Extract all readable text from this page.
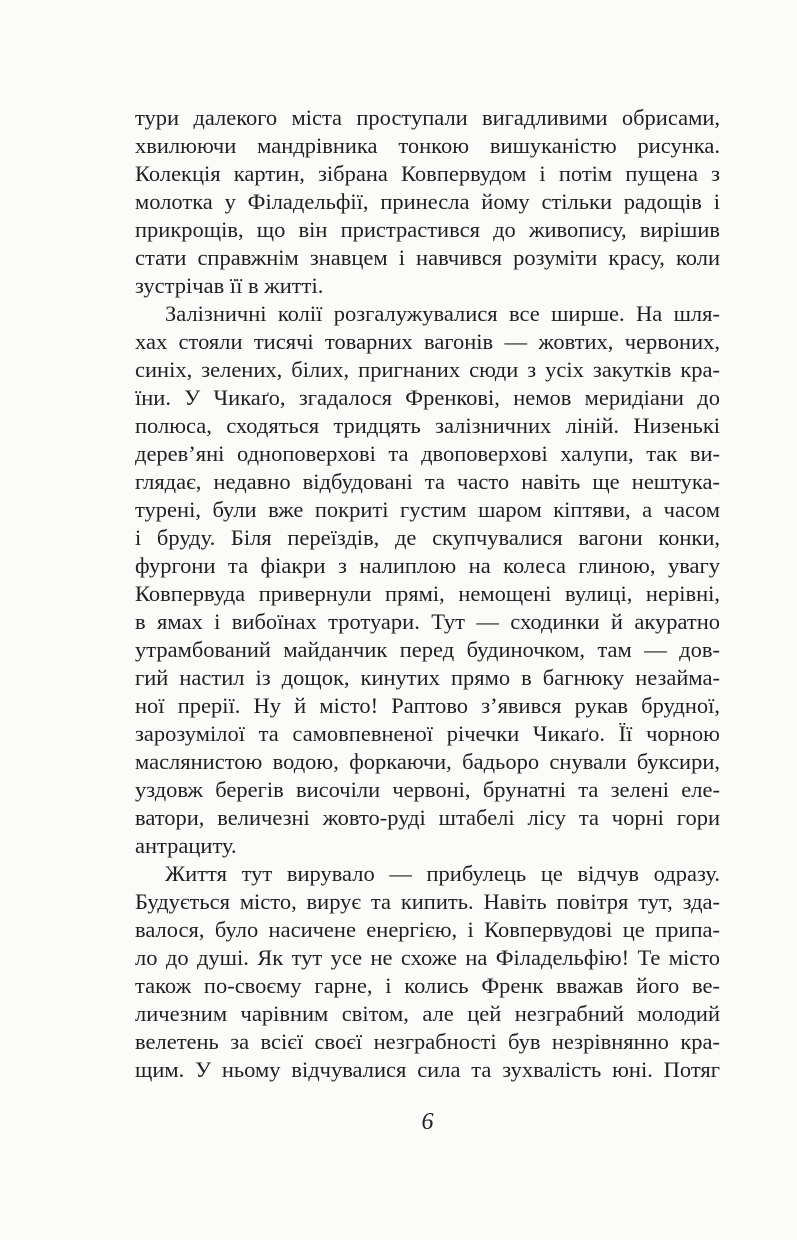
тури далекого міста проступали вигадливими обрисами,
хвилюючи мандрівника тонкою вишуканістю рисунка.
Колекція картин, зібрана Ковпервудом і потім пущена з
молотка у Філадельфії, принесла йому стільки радощів і
прикрощів, що він пристрастився до живопису, вирішив
стати справжнім знавцем і навчився розуміти красу, коли
зустрічав її в житті.
Залізничні колії розгалужувалися все ширше. На шля-
хах стояли тисячі товарних вагонів — жовтих, червоних,
синіх, зелених, білих, пригнаних сюди з усіх закутків кра-
їни. У Чикаґо, згадалося Френкові, немов меридіани до
полюса, сходяться тридцять залізничних ліній. Низенькі
дерев’яні одноповерхові та двоповерхові халупи, так ви-
глядає, недавно відбудовані та часто навіть ще нештука-
турені, були вже покриті густим шаром кіптяви, а часом
і бруду. Біля переїздів, де скупчувалися вагони конки,
фургони та фіакри з налиплою на колеса глиною, увагу
Ковпервуда привернули прямі, немощені вулиці, нерівні,
в ямах і вибоїнах тротуари. Тут — сходинки й акуратно
утрамбований майданчик перед будиночком, там — дов-
гий настил із дощок, кинутих прямо в багнюку незайма-
ної прерії. Ну й місто! Раптово з’явився рукав брудної,
зарозумілої та самовпевненої річечки Чикаґо. Її чорною
маслянистою водою, форкаючи, бадьоро снували буксири,
уздовж берегів височіли червоні, брунатні та зелені еле-
ватори, величезні жовто-руді штабелі лісу та чорні гори
антрациту.
Життя тут вирувало — прибулець це відчув одразу.
Будується місто, вирує та кипить. Навіть повітря тут, зда-
валося, було насичене енергією, і Ковпервудові це припа-
ло до душі. Як тут усе не схоже на Філадельфію! Те місто
також по-своєму гарне, і колись Френк вважав його ве-
личезним чарівним світом, але цей незграбний молодий
велетень за всієї своєї незграбності був незрівнянно кра-
щим. У ньому відчувалися сила та зухвалість юні. Потяг
6
